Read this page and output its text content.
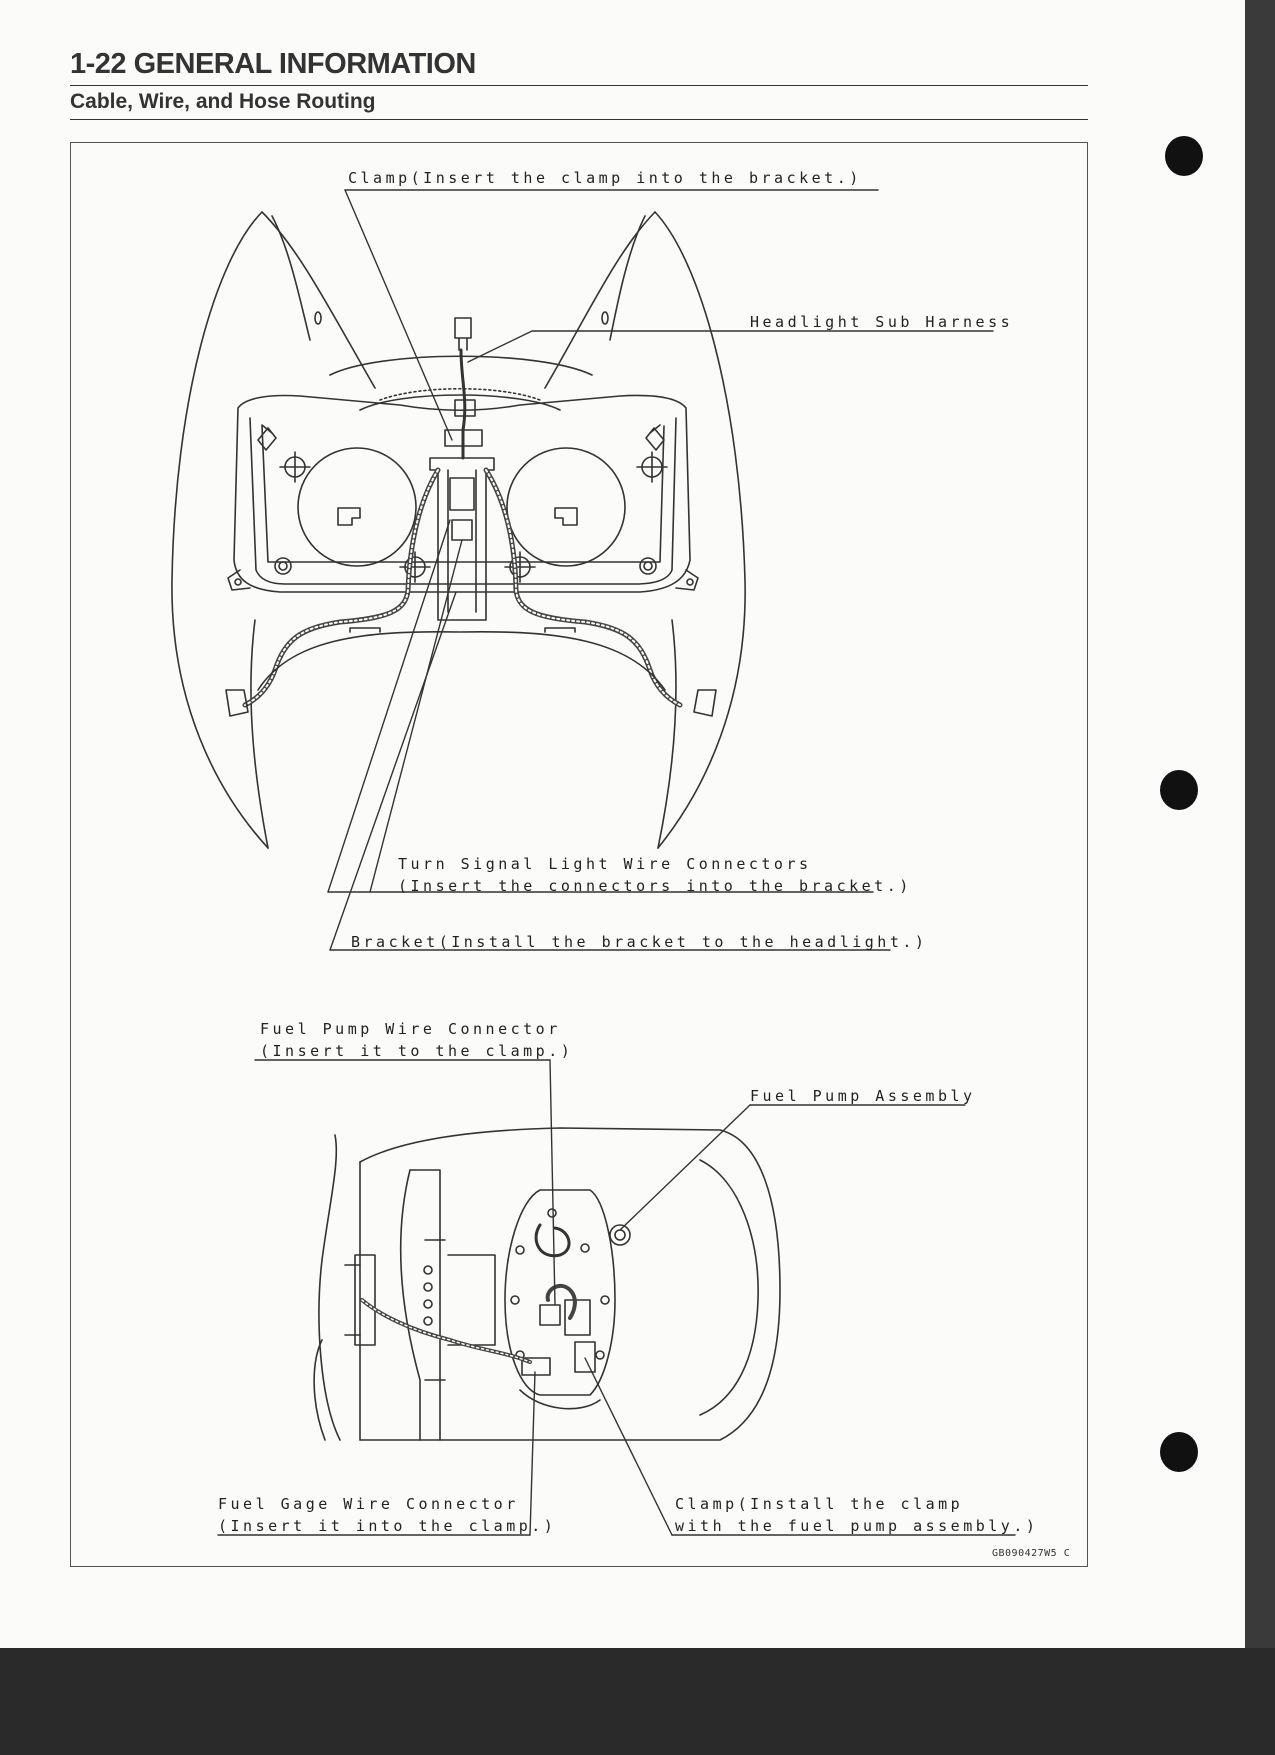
1-22 GENERAL INFORMATION
Cable, Wire, and Hose Routing
Clamp(Insert the clamp into the bracket.)
Headlight Sub Harness
Turn Signal Light Wire Connectors
(Insert the connectors into the bracket.)
Bracket(Install the bracket to the headlight.)
Fuel Pump Wire Connector
(Insert it to the clamp.)
Fuel Pump Assembly
Fuel Gage Wire Connector
(Insert it into the clamp.)
Clamp(Install the clamp
with the fuel pump assembly.)
GB090427W5 C
